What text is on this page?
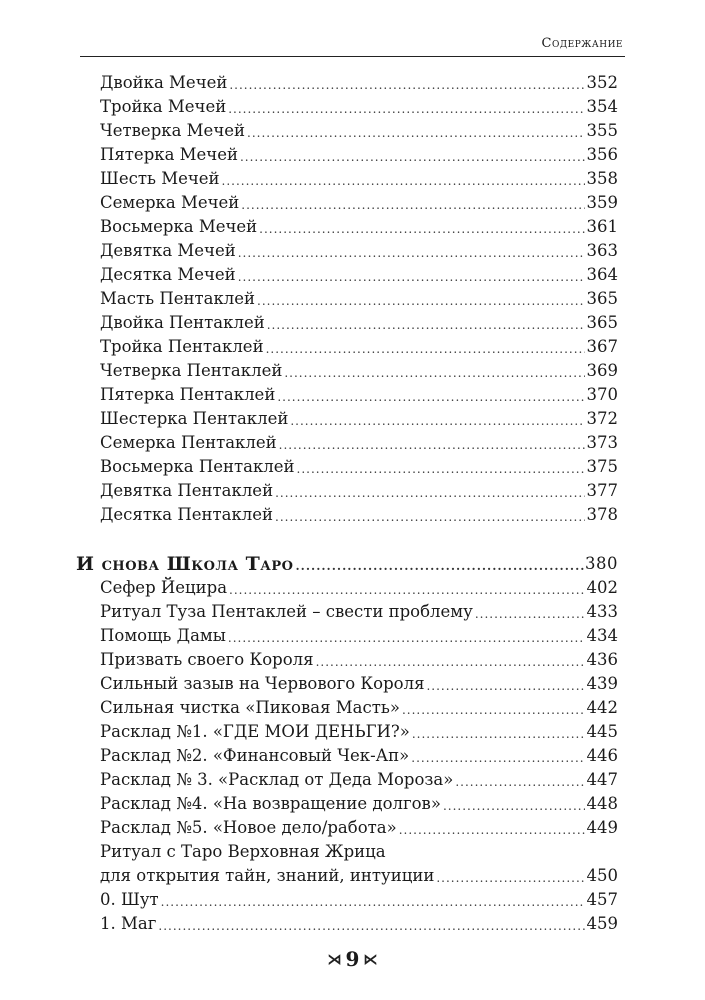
Содержание
Двойка Мечей .....	352
Тройка Мечей .....	354
Четверка Мечей .....	355
Пятерка Мечей .....	356
Шесть Мечей .....	358
Семерка Мечей .....	359
Восьмерка Мечей .....	361
Девятка Мечей .....	363
Десятка Мечей .....	364
Масть Пентаклей .....	365
Двойка Пентаклей .....	365
Тройка Пентаклей .....	367
Четверка Пентаклей .....	369
Пятерка Пентаклей .....	370
Шестерка Пентаклей .....	372
Семерка Пентаклей .....	373
Восьмерка Пентаклей .....	375
Девятка Пентаклей .....	377
Десятка Пентаклей .....	378
И снова Школа Таро .....	380
Сефер Йецира .....	402
Ритуал Туза Пентаклей – свести проблему .....	433
Помощь Дамы .....	434
Призвать своего Короля .....	436
Сильный зазыв на Червового Короля .....	439
Сильная чистка «Пиковая Масть» .....	442
Расклад №1. «ГДЕ МОИ ДЕНЬГИ?» .....	445
Расклад №2. «Финансовый Чек-Ап» .....	446
Расклад № 3. «Расклад от Деда Мороза» .....	447
Расклад №4. «На возвращение долгов» .....	448
Расклад №5. «Новое дело/работа» .....	449
Ритуал с Таро Верховная Жрица
для открытия тайн, знаний, интуиции .....	450
0. Шут .....	457
1. Маг .....	459
⋊ 9 ⋉
